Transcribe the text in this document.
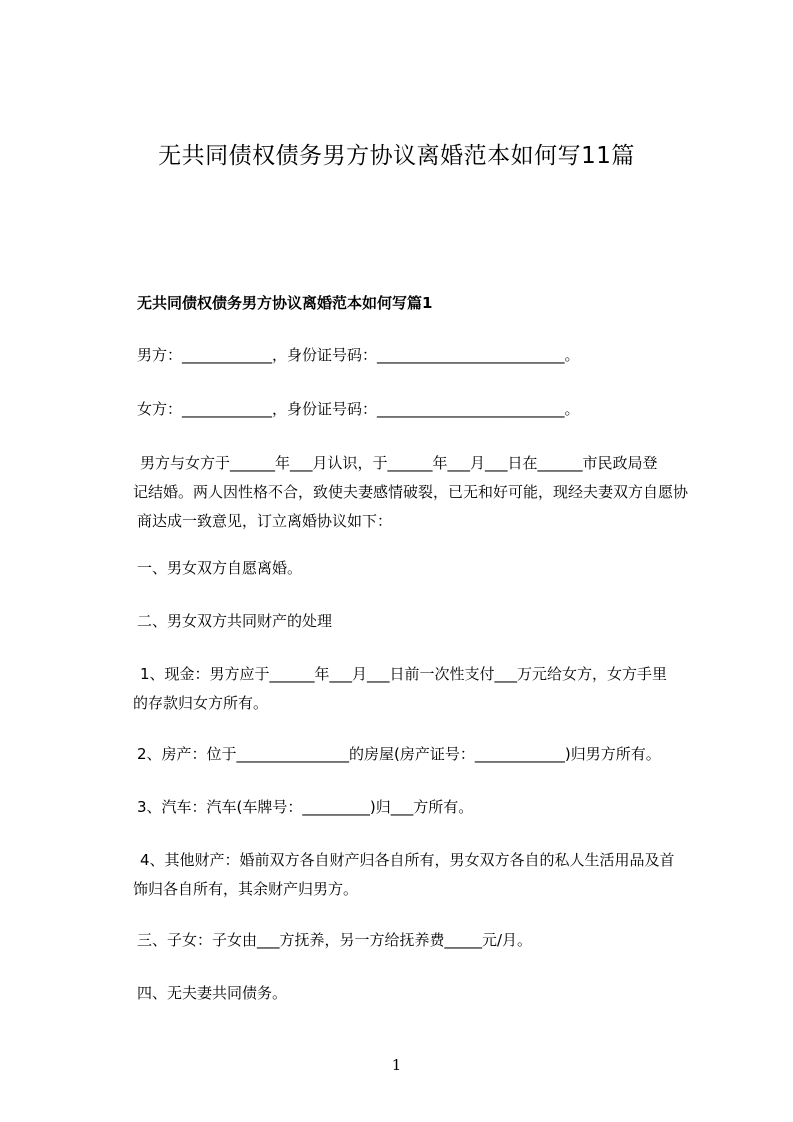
无共同债权债务男方协议离婚范本如何写11篇
无共同债权债务男方协议离婚范本如何写篇1
男方：____________，身份证号码：_________________________。
女方：____________，身份证号码：_________________________。
男方与女方于______年___月认识，于______年___月___日在______市民政局登
记结婚。两人因性格不合，致使夫妻感情破裂，已无和好可能，现经夫妻双方自愿协
商达成一致意见，订立离婚协议如下：
一、男女双方自愿离婚。
二、男女双方共同财产的处理
1、现金：男方应于______年___月___日前一次性支付___万元给女方，女方手里
的存款归女方所有。
2、房产：位于_______________的房屋(房产证号：____________)归男方所有。
3、汽车：汽车(车牌号：_________)归___方所有。
4、其他财产：婚前双方各自财产归各自所有，男女双方各自的私人生活用品及首
饰归各自所有，其余财产归男方。
三、子女：子女由___方抚养，另一方给抚养费_____元/月。
四、无夫妻共同债务。
1
